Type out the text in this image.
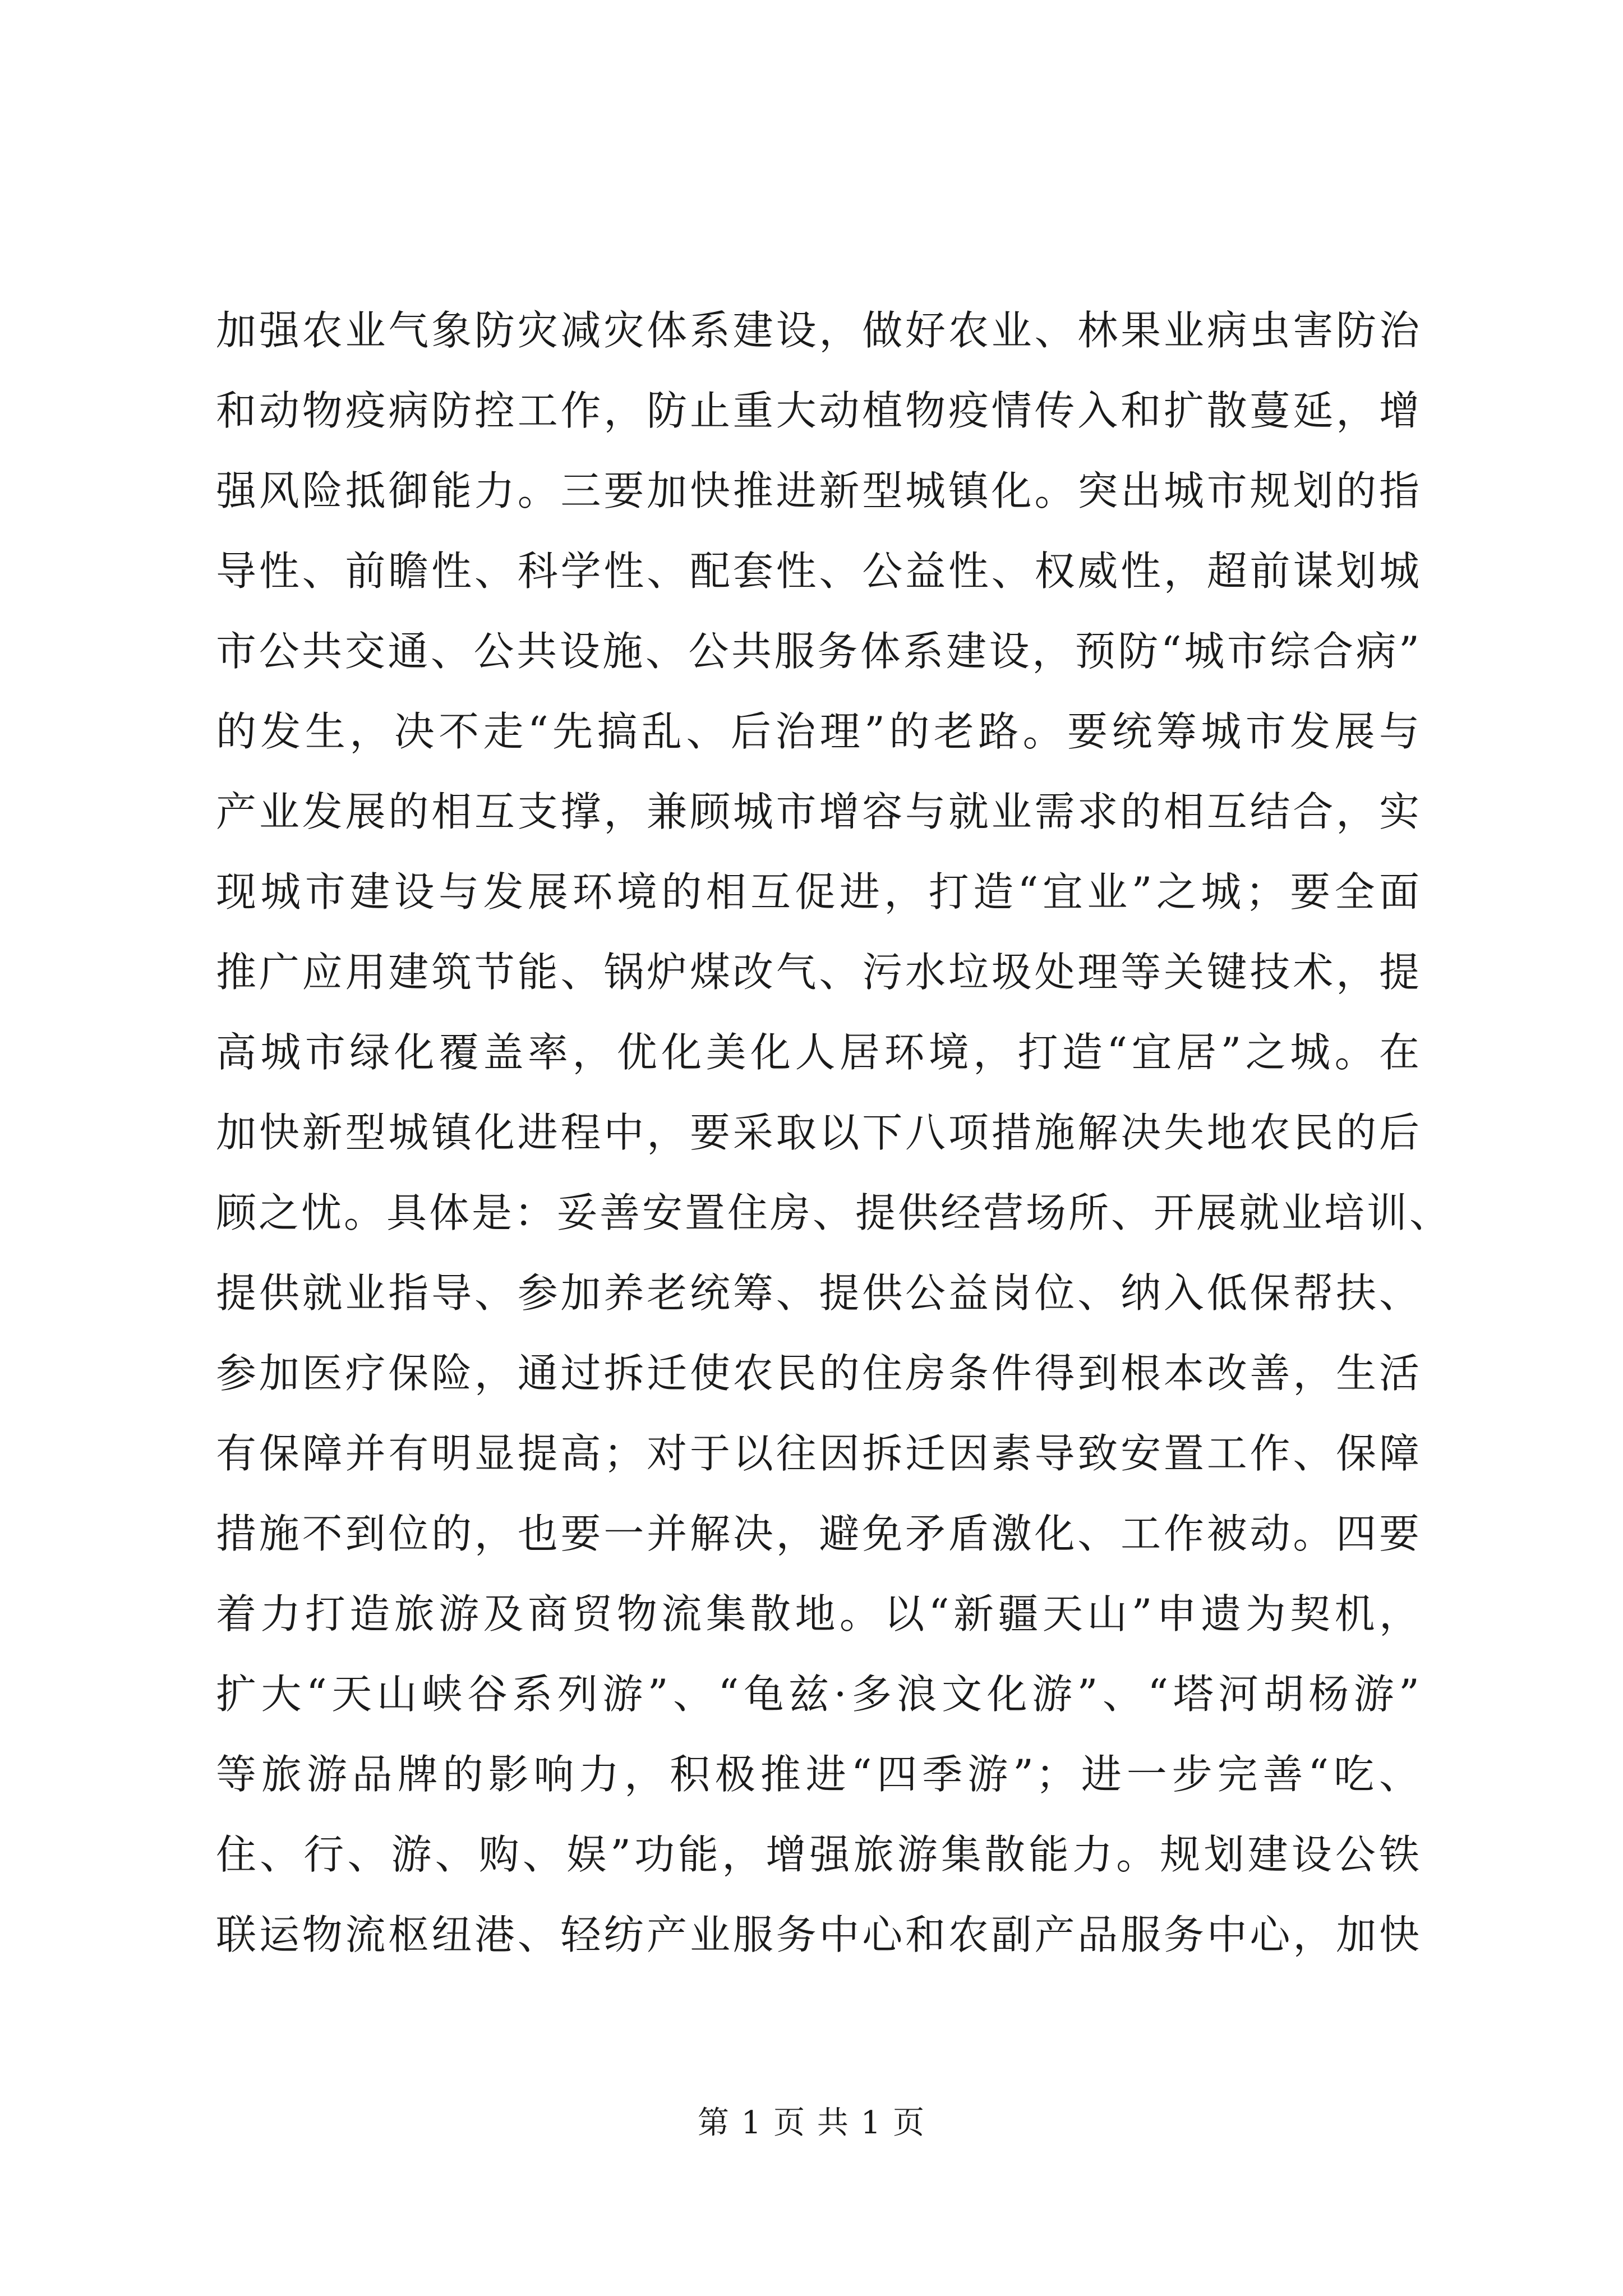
加强农业气象防灾减灾体系建设，做好农业、林果业病虫害防治
和动物疫病防控工作，防止重大动植物疫情传入和扩散蔓延，增
强风险抵御能力。三要加快推进新型城镇化。突出城市规划的指
导性、前瞻性、科学性、配套性、公益性、权威性，超前谋划城
市公共交通、公共设施、公共服务体系建设，预防“城市综合病”
的发生，决不走“先搞乱、后治理”的老路。要统筹城市发展与
产业发展的相互支撑，兼顾城市增容与就业需求的相互结合，实
现城市建设与发展环境的相互促进，打造“宜业”之城；要全面
推广应用建筑节能、锅炉煤改气、污水垃圾处理等关键技术，提
高城市绿化覆盖率，优化美化人居环境，打造“宜居”之城。在
加快新型城镇化进程中，要采取以下八项措施解决失地农民的后
顾之忧。具体是：妥善安置住房、提供经营场所、开展就业培训、
提供就业指导、参加养老统筹、提供公益岗位、纳入低保帮扶、
参加医疗保险，通过拆迁使农民的住房条件得到根本改善，生活
有保障并有明显提高；对于以往因拆迁因素导致安置工作、保障
措施不到位的，也要一并解决，避免矛盾激化、工作被动。四要
着力打造旅游及商贸物流集散地。以“新疆天山”申遗为契机，
扩大“天山峡谷系列游”、“龟兹·多浪文化游”、“塔河胡杨游”
等旅游品牌的影响力，积极推进“四季游”；进一步完善“吃、
住、行、游、购、娱”功能，增强旅游集散能力。规划建设公铁
联运物流枢纽港、轻纺产业服务中心和农副产品服务中心，加快
第 1 页 共 1 页
